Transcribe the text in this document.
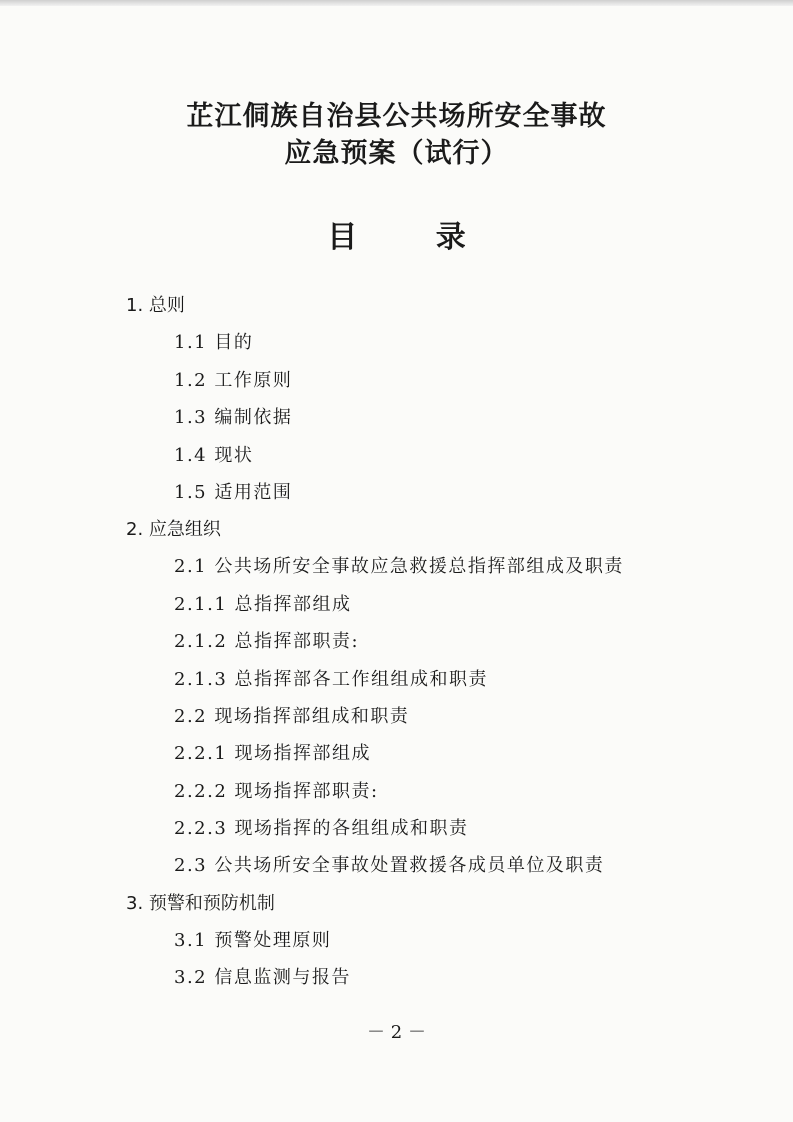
芷江侗族自治县公共场所安全事故
应急预案（试行）
目 录
1. 总则
1.1 目的
1.2 工作原则
1.3 编制依据
1.4 现状
1.5 适用范围
2. 应急组织
2.1 公共场所安全事故应急救援总指挥部组成及职责
2.1.1 总指挥部组成
2.1.2 总指挥部职责:
2.1.3 总指挥部各工作组组成和职责
2.2 现场指挥部组成和职责
2.2.1 现场指挥部组成
2.2.2 现场指挥部职责:
2.2.3 现场指挥的各组组成和职责
2.3 公共场所安全事故处置救援各成员单位及职责
3. 预警和预防机制
3.1 预警处理原则
3.2 信息监测与报告
－ 2 －
